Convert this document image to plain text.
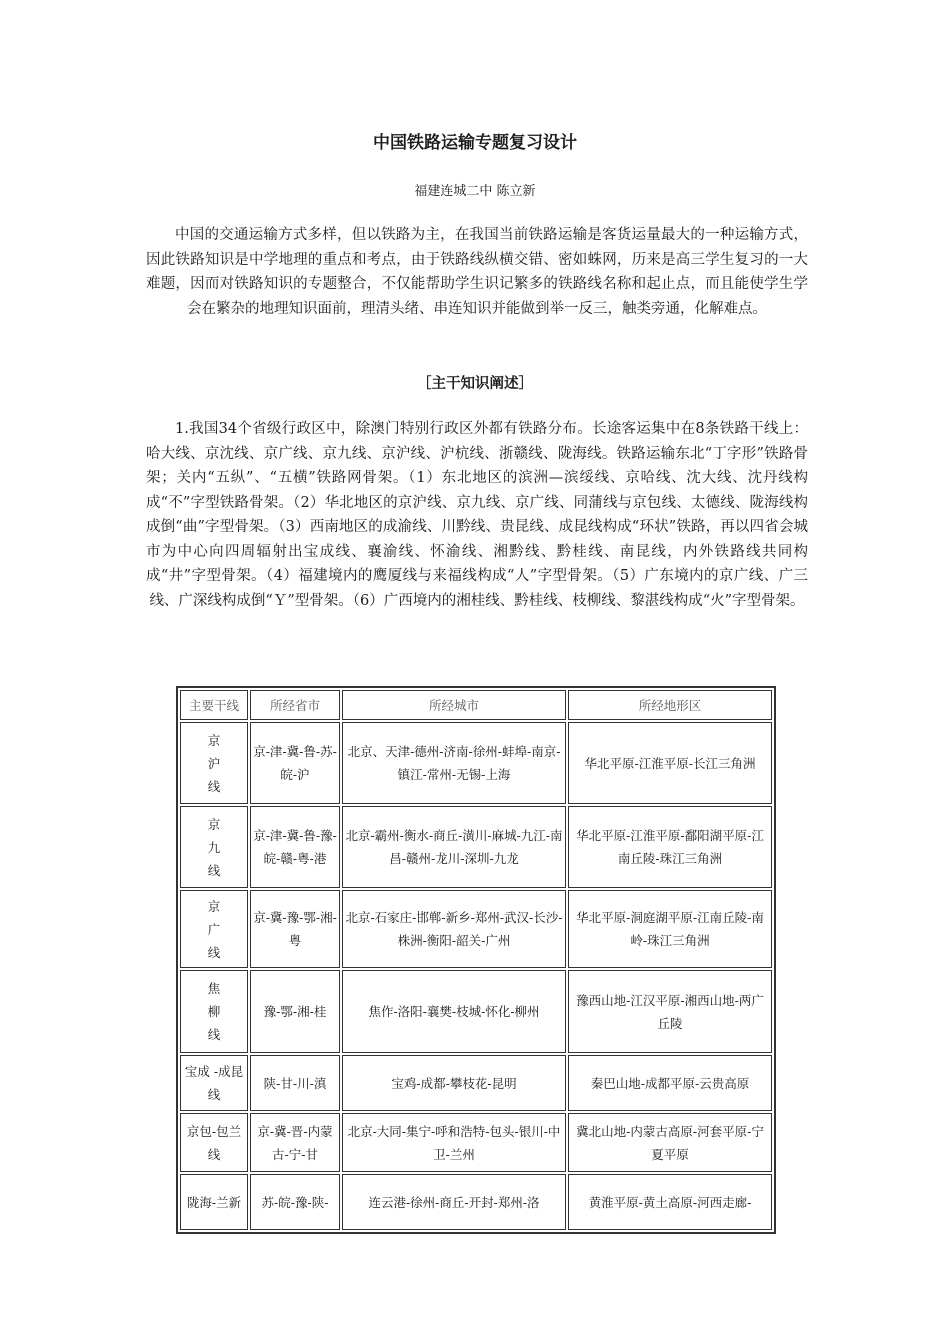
中国铁路运输专题复习设计
福建连城二中 陈立新

中国的交通运输方式多样，但以铁路为主，在我国当前铁路运输是客货运量最大的一种运输方式，因此铁路知识是中学地理的重点和考点，由于铁路线纵横交错、密如蛛网，历来是高三学生复习的一大难题，因而对铁路知识的专题整合，不仅能帮助学生识记繁多的铁路线名称和起止点，而且能使学生学会在繁杂的地理知识面前，理清头绪、串连知识并能做到举一反三，触类旁通，化解难点。

［主干知识阐述］

1.我国34个省级行政区中，除澳门特别行政区外都有铁路分布。长途客运集中在8条铁路干线上：哈大线、京沈线、京广线、京九线、京沪线、沪杭线、浙赣线、陇海线。铁路运输东北“丁字形”铁路骨架；关内“五纵”、“五横”铁路网骨架。（1）东北地区的滨洲—滨绥线、京哈线、沈大线、沈丹线构成“不”字型铁路骨架。（2）华北地区的京沪线、京九线、京广线、同蒲线与京包线、太德线、陇海线构成倒“曲”字型骨架。（3）西南地区的成渝线、川黔线、贵昆线、成昆线构成“环状”铁路，再以四省会城市为中心向四周辐射出宝成线、襄渝线、怀渝线、湘黔线、黔桂线、南昆线，内外铁路线共同构成“井”字型骨架。（4）福建境内的鹰厦线与来福线构成“人”字型骨架。（5）广东境内的京广线、广三线、广深线构成倒“Ｙ”型骨架。（6）广西境内的湘桂线、黔桂线、枝柳线、黎湛线构成“火”字型骨架。

主要干线	所经省市	所经城市	所经地形区
京沪线	京-津-冀-鲁-苏-皖-沪	北京、天津-德州-济南-徐州-蚌埠-南京-镇江-常州-无锡-上海	华北平原-江淮平原-长江三角洲
京九线	京-津-冀-鲁-豫-皖-赣-粤-港	北京-霸州-衡水-商丘-潢川-麻城-九江-南昌-赣州-龙川-深圳-九龙	华北平原-江淮平原-鄱阳湖平原-江南丘陵-珠江三角洲
京广线	京-冀-豫-鄂-湘-粤	北京-石家庄-邯郸-新乡-郑州-武汉-长沙-株洲-衡阳-韶关-广州	华北平原-洞庭湖平原-江南丘陵-南岭-珠江三角洲
焦柳线	豫-鄂-湘-桂	焦作-洛阳-襄樊-枝城-怀化-柳州	豫西山地-江汉平原-湘西山地-两广丘陵
宝成 -成昆线	陕-甘-川-滇	宝鸡-成都-攀枝花-昆明	秦巴山地-成都平原-云贵高原
京包-包兰线	京-冀-晋-内蒙古-宁-甘	北京-大同-集宁-呼和浩特-包头-银川-中卫-兰州	冀北山地-内蒙古高原-河套平原-宁夏平原
陇海-兰新	苏-皖-豫-陕-	连云港-徐州-商丘-开封-郑州-洛	黄淮平原-黄土高原-河西走廊-
